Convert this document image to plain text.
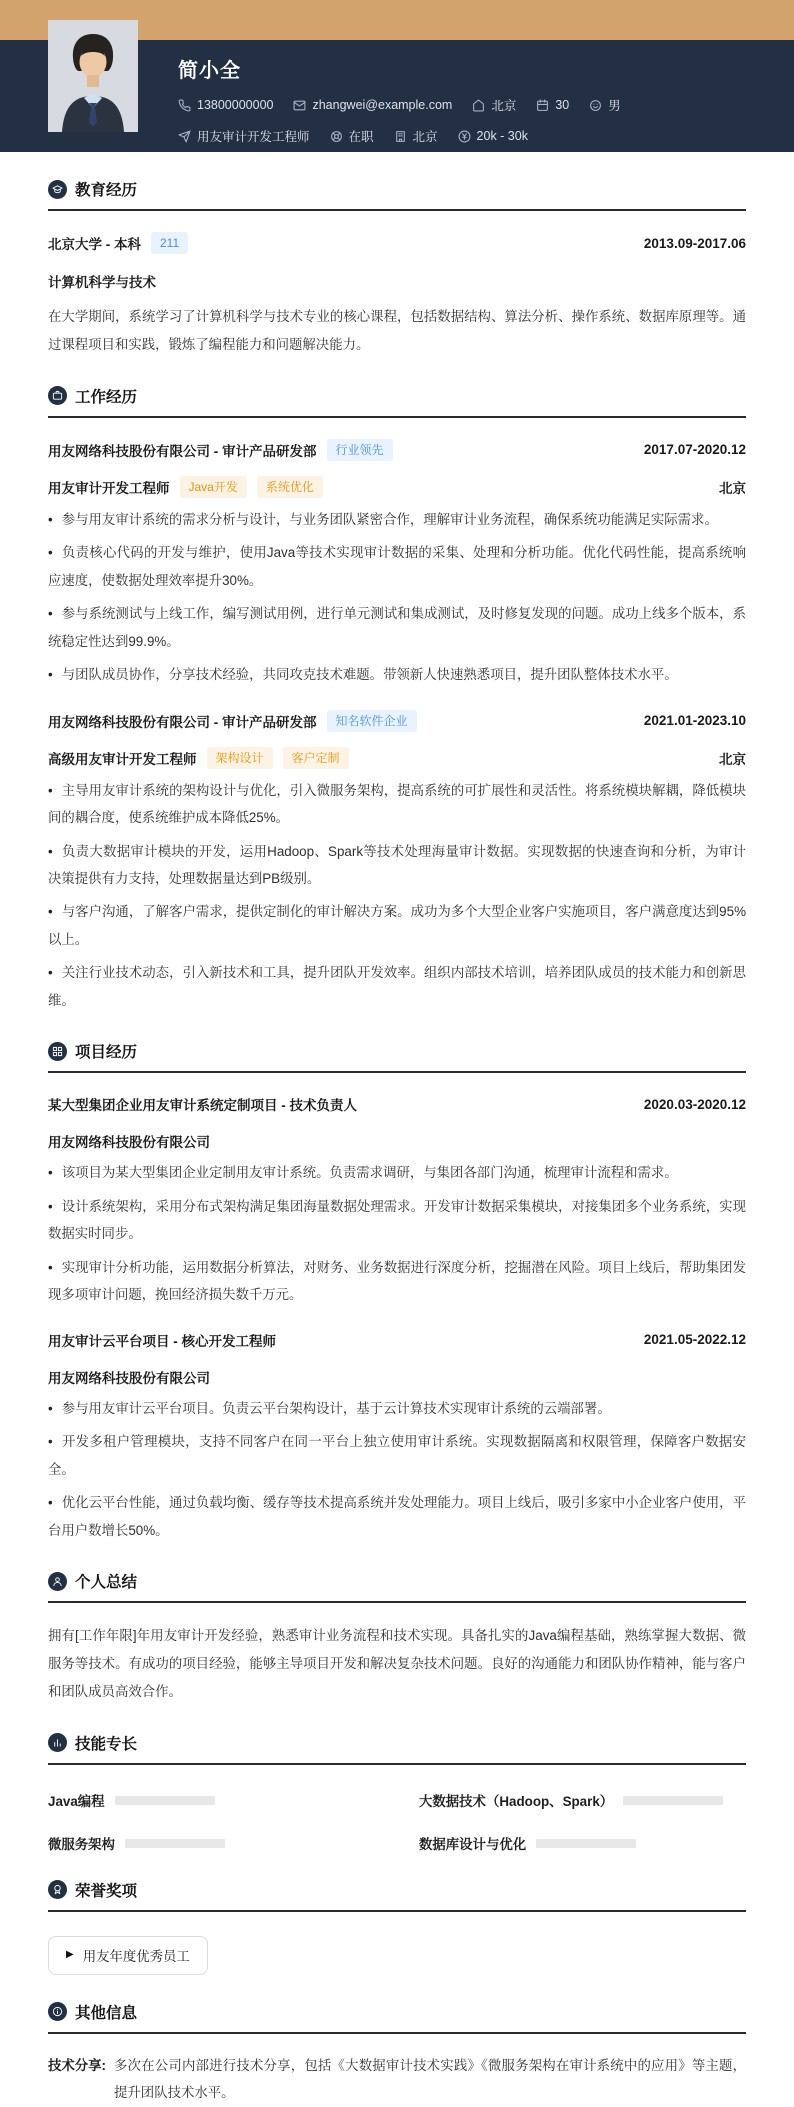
简小全
13800000000	zhangwei@example.com	北京	30	男
用友审计开发工程师	在职	北京	20k - 30k
教育经历
北京大学 - 本科	211	2013.09-2017.06
计算机科学与技术
在大学期间，系统学习了计算机科学与技术专业的核心课程，包括数据结构、算法分析、操作系统、数据库原理等。通过课程项目和实践，锻炼了编程能力和问题解决能力。
工作经历
用友网络科技股份有限公司 - 审计产品研发部	行业领先	2017.07-2020.12
用友审计开发工程师	Java开发	系统优化	北京
• 参与用友审计系统的需求分析与设计，与业务团队紧密合作，理解审计业务流程，确保系统功能满足实际需求。
• 负责核心代码的开发与维护，使用Java等技术实现审计数据的采集、处理和分析功能。优化代码性能，提高系统响应速度，使数据处理效率提升30%。
• 参与系统测试与上线工作，编写测试用例，进行单元测试和集成测试，及时修复发现的问题。成功上线多个版本，系统稳定性达到99.9%。
• 与团队成员协作，分享技术经验，共同攻克技术难题。带领新人快速熟悉项目，提升团队整体技术水平。
用友网络科技股份有限公司 - 审计产品研发部	知名软件企业	2021.01-2023.10
高级用友审计开发工程师	架构设计	客户定制	北京
• 主导用友审计系统的架构设计与优化，引入微服务架构，提高系统的可扩展性和灵活性。将系统模块解耦，降低模块间的耦合度，使系统维护成本降低25%。
• 负责大数据审计模块的开发，运用Hadoop、Spark等技术处理海量审计数据。实现数据的快速查询和分析，为审计决策提供有力支持，处理数据量达到PB级别。
• 与客户沟通，了解客户需求，提供定制化的审计解决方案。成功为多个大型企业客户实施项目，客户满意度达到95%以上。
• 关注行业技术动态，引入新技术和工具，提升团队开发效率。组织内部技术培训，培养团队成员的技术能力和创新思维。
项目经历
某大型集团企业用友审计系统定制项目 - 技术负责人	2020.03-2020.12
用友网络科技股份有限公司
• 该项目为某大型集团企业定制用友审计系统。负责需求调研，与集团各部门沟通，梳理审计流程和需求。
• 设计系统架构，采用分布式架构满足集团海量数据处理需求。开发审计数据采集模块，对接集团多个业务系统，实现数据实时同步。
• 实现审计分析功能，运用数据分析算法，对财务、业务数据进行深度分析，挖掘潜在风险。项目上线后，帮助集团发现多项审计问题，挽回经济损失数千万元。
用友审计云平台项目 - 核心开发工程师	2021.05-2022.12
用友网络科技股份有限公司
• 参与用友审计云平台项目。负责云平台架构设计，基于云计算技术实现审计系统的云端部署。
• 开发多租户管理模块，支持不同客户在同一平台上独立使用审计系统。实现数据隔离和权限管理，保障客户数据安全。
• 优化云平台性能，通过负载均衡、缓存等技术提高系统并发处理能力。项目上线后，吸引多家中小企业客户使用，平台用户数增长50%。
个人总结
拥有[工作年限]年用友审计开发经验，熟悉审计业务流程和技术实现。具备扎实的Java编程基础，熟练掌握大数据、微服务等技术。有成功的项目经验，能够主导项目开发和解决复杂技术问题。良好的沟通能力和团队协作精神，能与客户和团队成员高效合作。
技能专长
Java编程	大数据技术（Hadoop、Spark）
微服务架构	数据库设计与优化
荣誉奖项
▶ 用友年度优秀员工
其他信息
技术分享: 多次在公司内部进行技术分享，包括《大数据审计技术实践》《微服务架构在审计系统中的应用》等主题，提升团队技术水平。
